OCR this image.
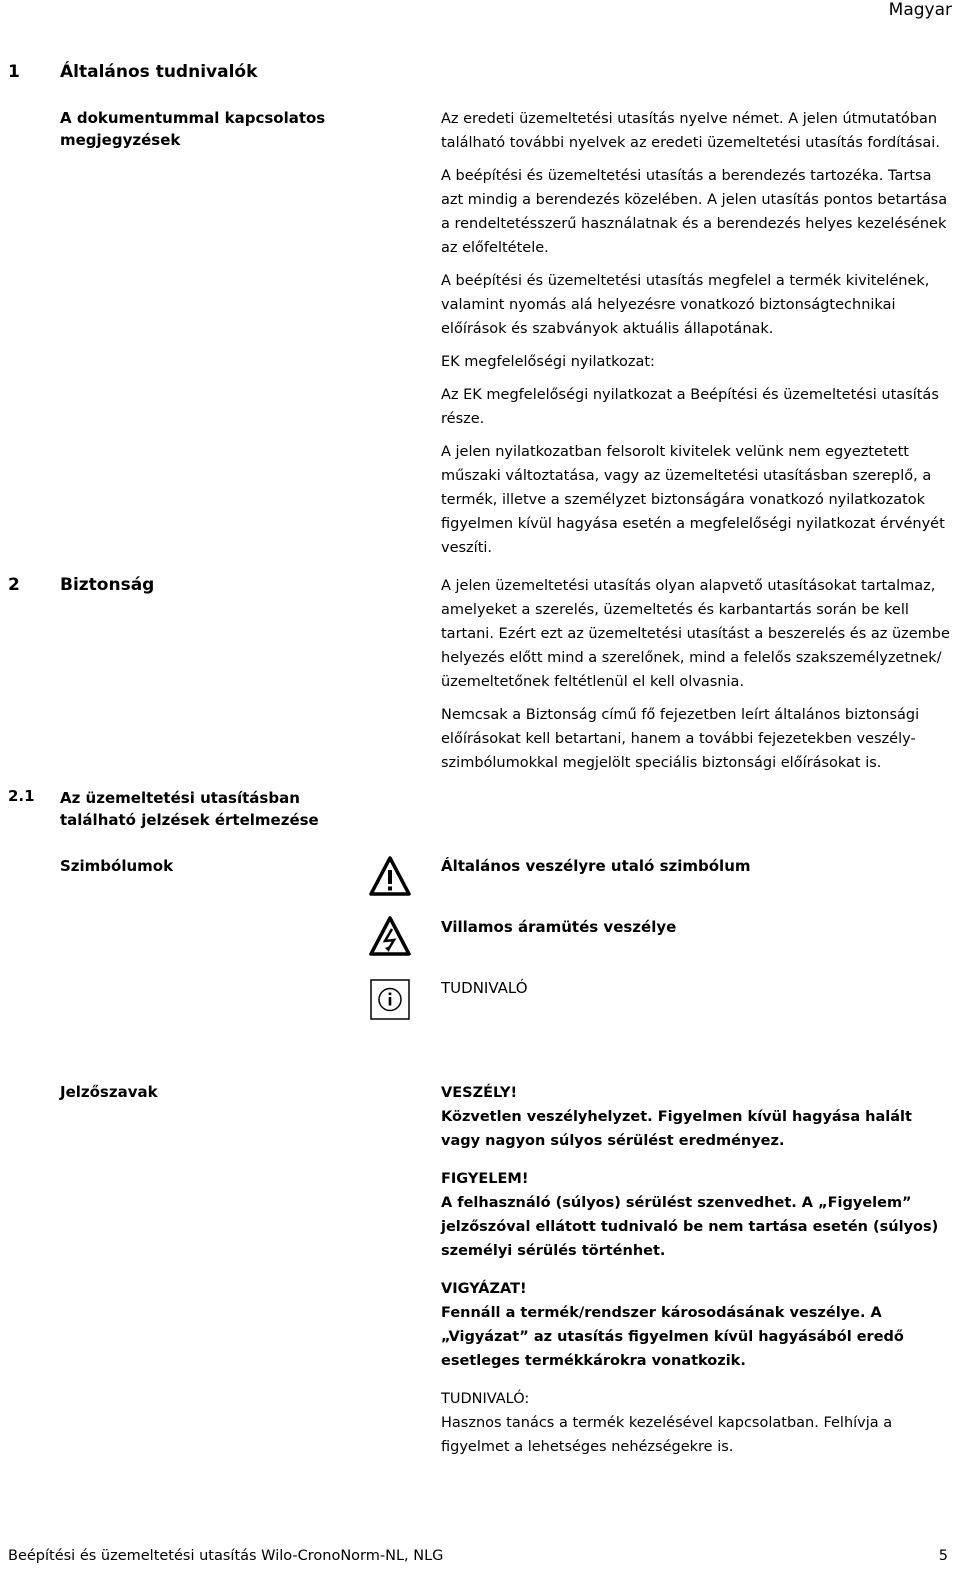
Magyar
1 Általános tudnivalók
A dokumentummal kapcsolatos
megjegyzések

Az eredeti üzemeltetési utasítás nyelve német. A jelen útmutatóban található további nyelvek az eredeti üzemeltetési utasítás fordításai.

A beépítési és üzemeltetési utasítás a berendezés tartozéka. Tartsa azt mindig a berendezés közelében. A jelen utasítás pontos betartása a rendeltetésszerű használatnak és a berendezés helyes kezelésének az előfeltétele.

A beépítési és üzemeltetési utasítás megfelel a termék kivitelének, valamint nyomás alá helyezésre vonatkozó biztonságtechnikai előírások és szabványok aktuális állapotának.

EK megfelelőségi nyilatkozat:

Az EK megfelelőségi nyilatkozat a Beépítési és üzemeltetési utasítás része.

A jelen nyilatkozatban felsorolt kivitelek velünk nem egyeztetett műszaki változtatása, vagy az üzemeltetési utasításban szereplő, a termék, illetve a személyzet biztonságára vonatkozó nyilatkozatok figyelmen kívül hagyása esetén a megfelelőségi nyilatkozat érvényét veszíti.

2 Biztonság	A jelen üzemeltetési utasítás olyan alapvető utasításokat tartalmaz, amelyeket a szerelés, üzemeltetés és karbantartás során be kell tartani. Ezért ezt az üzemeltetési utasítást a beszerelés és az üzembe helyezés előtt mind a szerelőnek, mind a felelős szakszemélyzetnek/üzemeltetőnek feltétlenül el kell olvasnia.

Nemcsak a Biztonság című fő fejezetben leírt általános biztonsági előírásokat kell betartani, hanem a további fejezetekben veszély-szimbólumokkal megjelölt speciális biztonsági előírásokat is.

2.1 Az üzemeltetési utasításban
található jelzések értelmezése
Szimbólumok	Általános veszélyre utaló szimbólum
Villamos áramütés veszélye
TUDNIVALÓ
Jelzőszavak	VESZÉLY!
Közvetlen veszélyhelyzet. Figyelmen kívül hagyása halált vagy nagyon súlyos sérülést eredményez.

FIGYELEM!
A felhasználó (súlyos) sérülést szenvedhet. A „Figyelem” jelzőszóval ellátott tudnivaló be nem tartása esetén (súlyos) személyi sérülés történhet.

VIGYÁZAT!
Fennáll a termék/rendszer károsodásának veszélye. A „Vigyázat” az utasítás figyelmen kívül hagyásából eredő esetleges termékkárokra vonatkozik.

TUDNIVALÓ:
Hasznos tanács a termék kezelésével kapcsolatban. Felhívja a figyelmet a lehetséges nehézségekre is.

Beépítési és üzemeltetési utasítás Wilo-CronoNorm-NL, NLG	5
